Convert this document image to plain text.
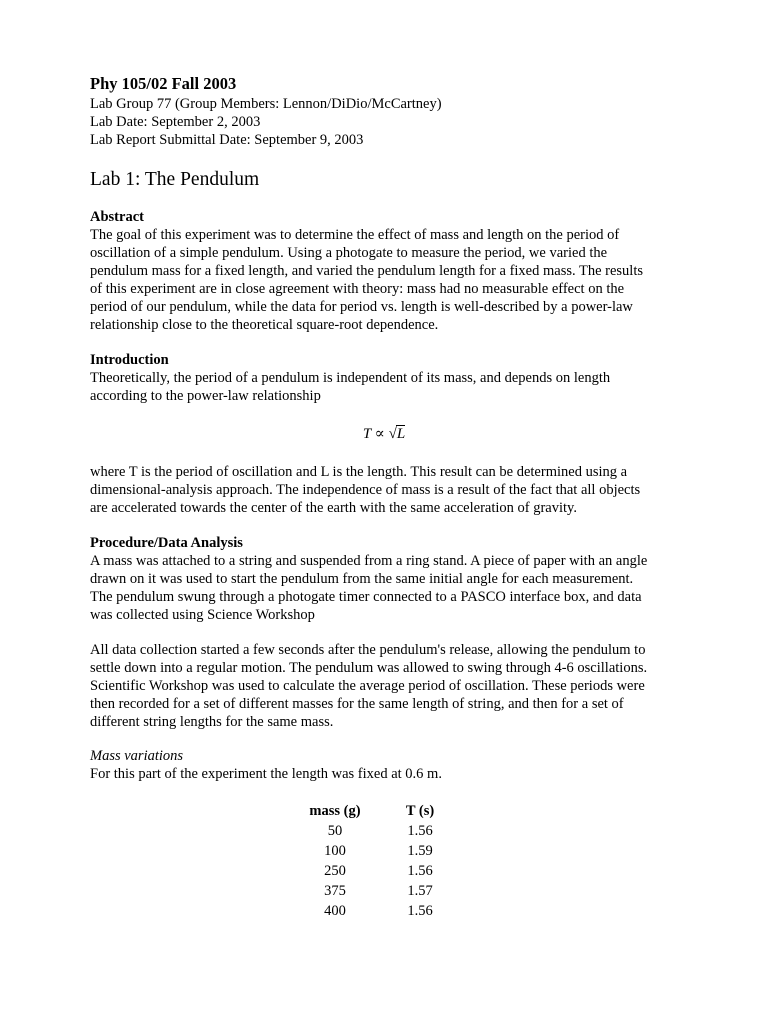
Phy 105/02 Fall 2003

Lab Group 77 (Group Members: Lennon/DiDio/McCartney)

Lab Date: September 2, 2003

Lab Report Submittal Date: September 9, 2003

Lab 1: The Pendulum

Abstract

The goal of this experiment was to determine the effect of mass and length on the period of

oscillation of a simple pendulum. Using a photogate to measure the period, we varied the

pendulum mass for a fixed length, and varied the pendulum length for a fixed mass. The results

of this experiment are in close agreement with theory: mass had no measurable effect on the

period of our pendulum, while the data for period vs. length is well-described by a power-law

relationship close to the theoretical square-root dependence.

Introduction

Theoretically, the period of a pendulum is independent of its mass, and depends on length

according to the power-law relationship

T ∝ √L

where T is the period of oscillation and L is the length. This result can be determined using a

dimensional-analysis approach. The independence of mass is a result of the fact that all objects

are accelerated towards the center of the earth with the same acceleration of gravity.

Procedure/Data Analysis

A mass was attached to a string and suspended from a ring stand. A piece of paper with an angle

drawn on it was used to start the pendulum from the same initial angle for each measurement.

The pendulum swung through a photogate timer connected to a PASCO interface box, and data

was collected using Science Workshop

All data collection started a few seconds after the pendulum's release, allowing the pendulum to

settle down into a regular motion. The pendulum was allowed to swing through 4-6 oscillations.

Scientific Workshop was used to calculate the average period of oscillation. These periods were

then recorded for a set of different masses for the same length of string, and then for a set of

different string lengths for the same mass.

Mass variations

For this part of the experiment the length was fixed at 0.6 m.

mass (g)		T (s)
50		1.56
100		1.59
250		1.56
375		1.57
400		1.56
